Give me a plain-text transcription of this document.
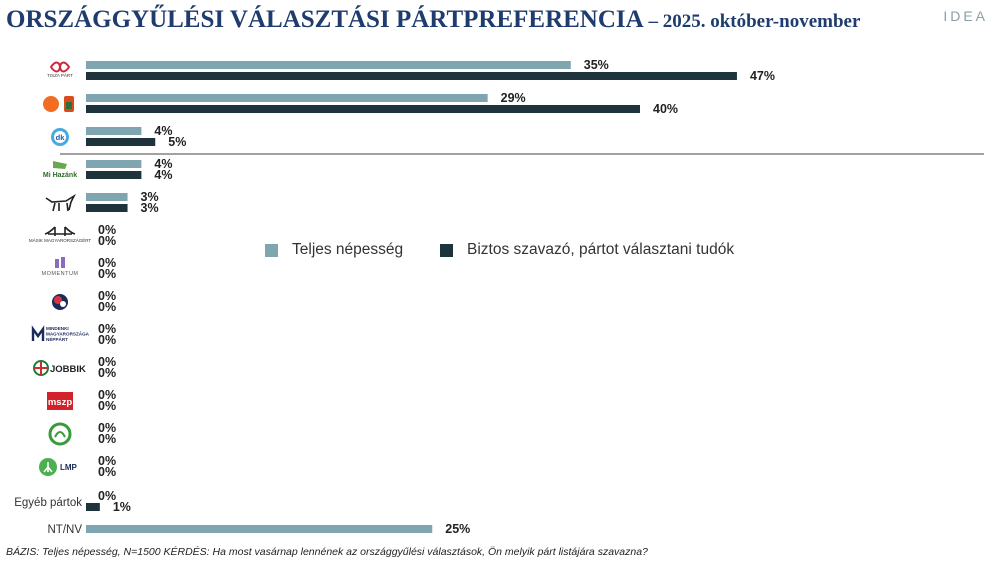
ORSZÁGGYŰLÉSI VÁLASZTÁSI PÁRTPREFERENCIA – 2025. október-november	IDEA
35%
47%
TISZA PÁRT
29%
40%
4%
5%
dk
4%
4%
Mi Hazánk
3%
3%
0%
0%
MÁSIK MAGYARORSZÁGÉRT
0%
0%
MOMENTUM
0%
0%
0%
0%
MINDENKI
MAGYARORSZÁGA
NÉPPÁRT
0%
0%
JOBBIK
0%
0%
mszp
0%
0%
0%
0%
LMP
0%
1%
Egyéb pártok
25%
NT/NV
Teljes népesség	Biztos szavazó, pártot választani tudók
BÁZIS: Teljes népesség, N=1500 KÉRDÉS: Ha most vasárnap lennének az országgyűlési választások, Ön melyik párt listájára szavazna?
